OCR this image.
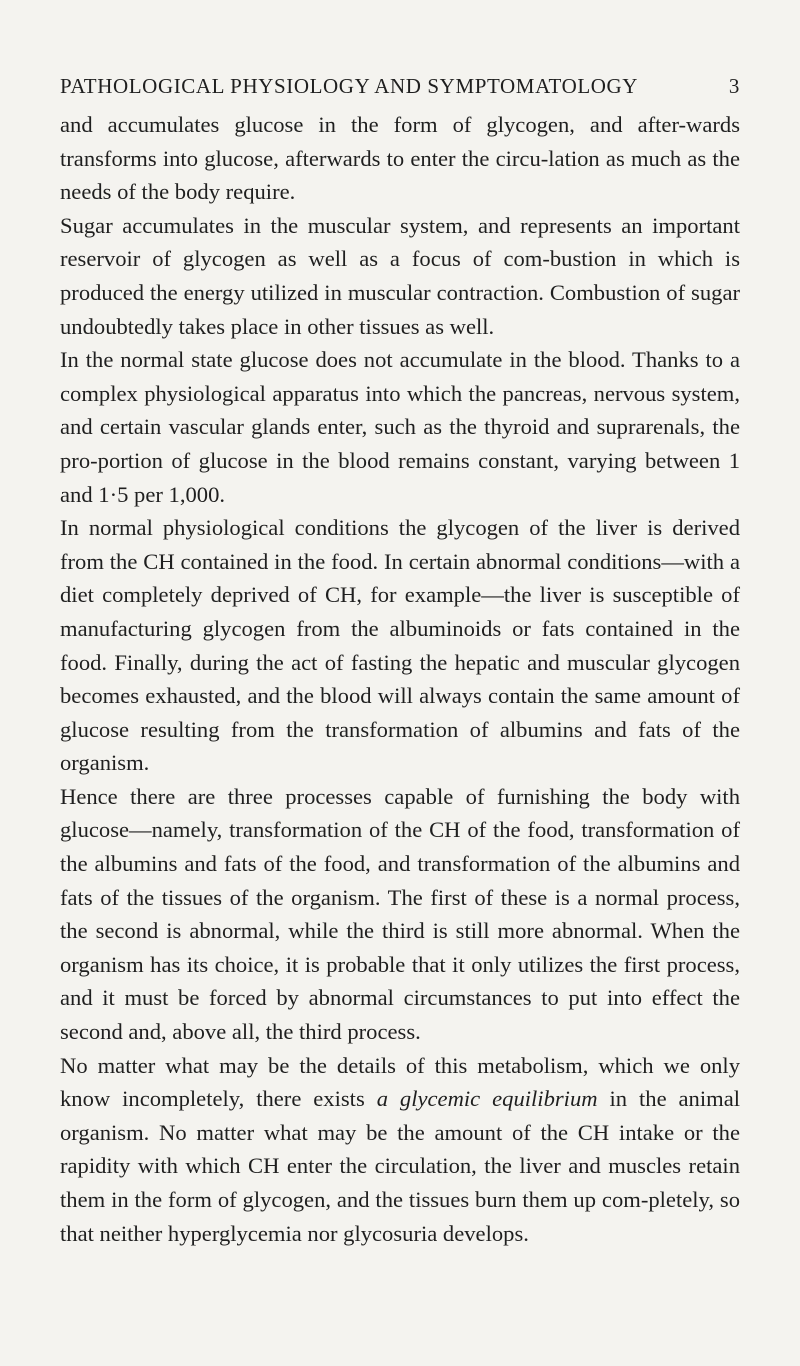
PATHOLOGICAL PHYSIOLOGY AND SYMPTOMATOLOGY	3

and accumulates glucose in the form of glycogen, and after-wards transforms into glucose, afterwards to enter the circu-lation as much as the needs of the body require.

Sugar accumulates in the muscular system, and represents an important reservoir of glycogen as well as a focus of com-bustion in which is produced the energy utilized in muscular contraction. Combustion of sugar undoubtedly takes place in other tissues as well.

In the normal state glucose does not accumulate in the blood. Thanks to a complex physiological apparatus into which the pancreas, nervous system, and certain vascular glands enter, such as the thyroid and suprarenals, the pro-portion of glucose in the blood remains constant, varying between 1 and 1·5 per 1,000.

In normal physiological conditions the glycogen of the liver is derived from the CH contained in the food. In certain abnormal conditions—with a diet completely deprived of CH, for example—the liver is susceptible of manufacturing glycogen from the albuminoids or fats contained in the food. Finally, during the act of fasting the hepatic and muscular glycogen becomes exhausted, and the blood will always contain the same amount of glucose resulting from the transformation of albumins and fats of the organism.

Hence there are three processes capable of furnishing the body with glucose—namely, transformation of the CH of the food, transformation of the albumins and fats of the food, and transformation of the albumins and fats of the tissues of the organism. The first of these is a normal process, the second is abnormal, while the third is still more abnormal. When the organism has its choice, it is probable that it only utilizes the first process, and it must be forced by abnormal circumstances to put into effect the second and, above all, the third process.

No matter what may be the details of this metabolism, which we only know incompletely, there exists a glycemic equilibrium in the animal organism. No matter what may be the amount of the CH intake or the rapidity with which CH enter the circulation, the liver and muscles retain them in the form of glycogen, and the tissues burn them up com-pletely, so that neither hyperglycemia nor glycosuria develops.
